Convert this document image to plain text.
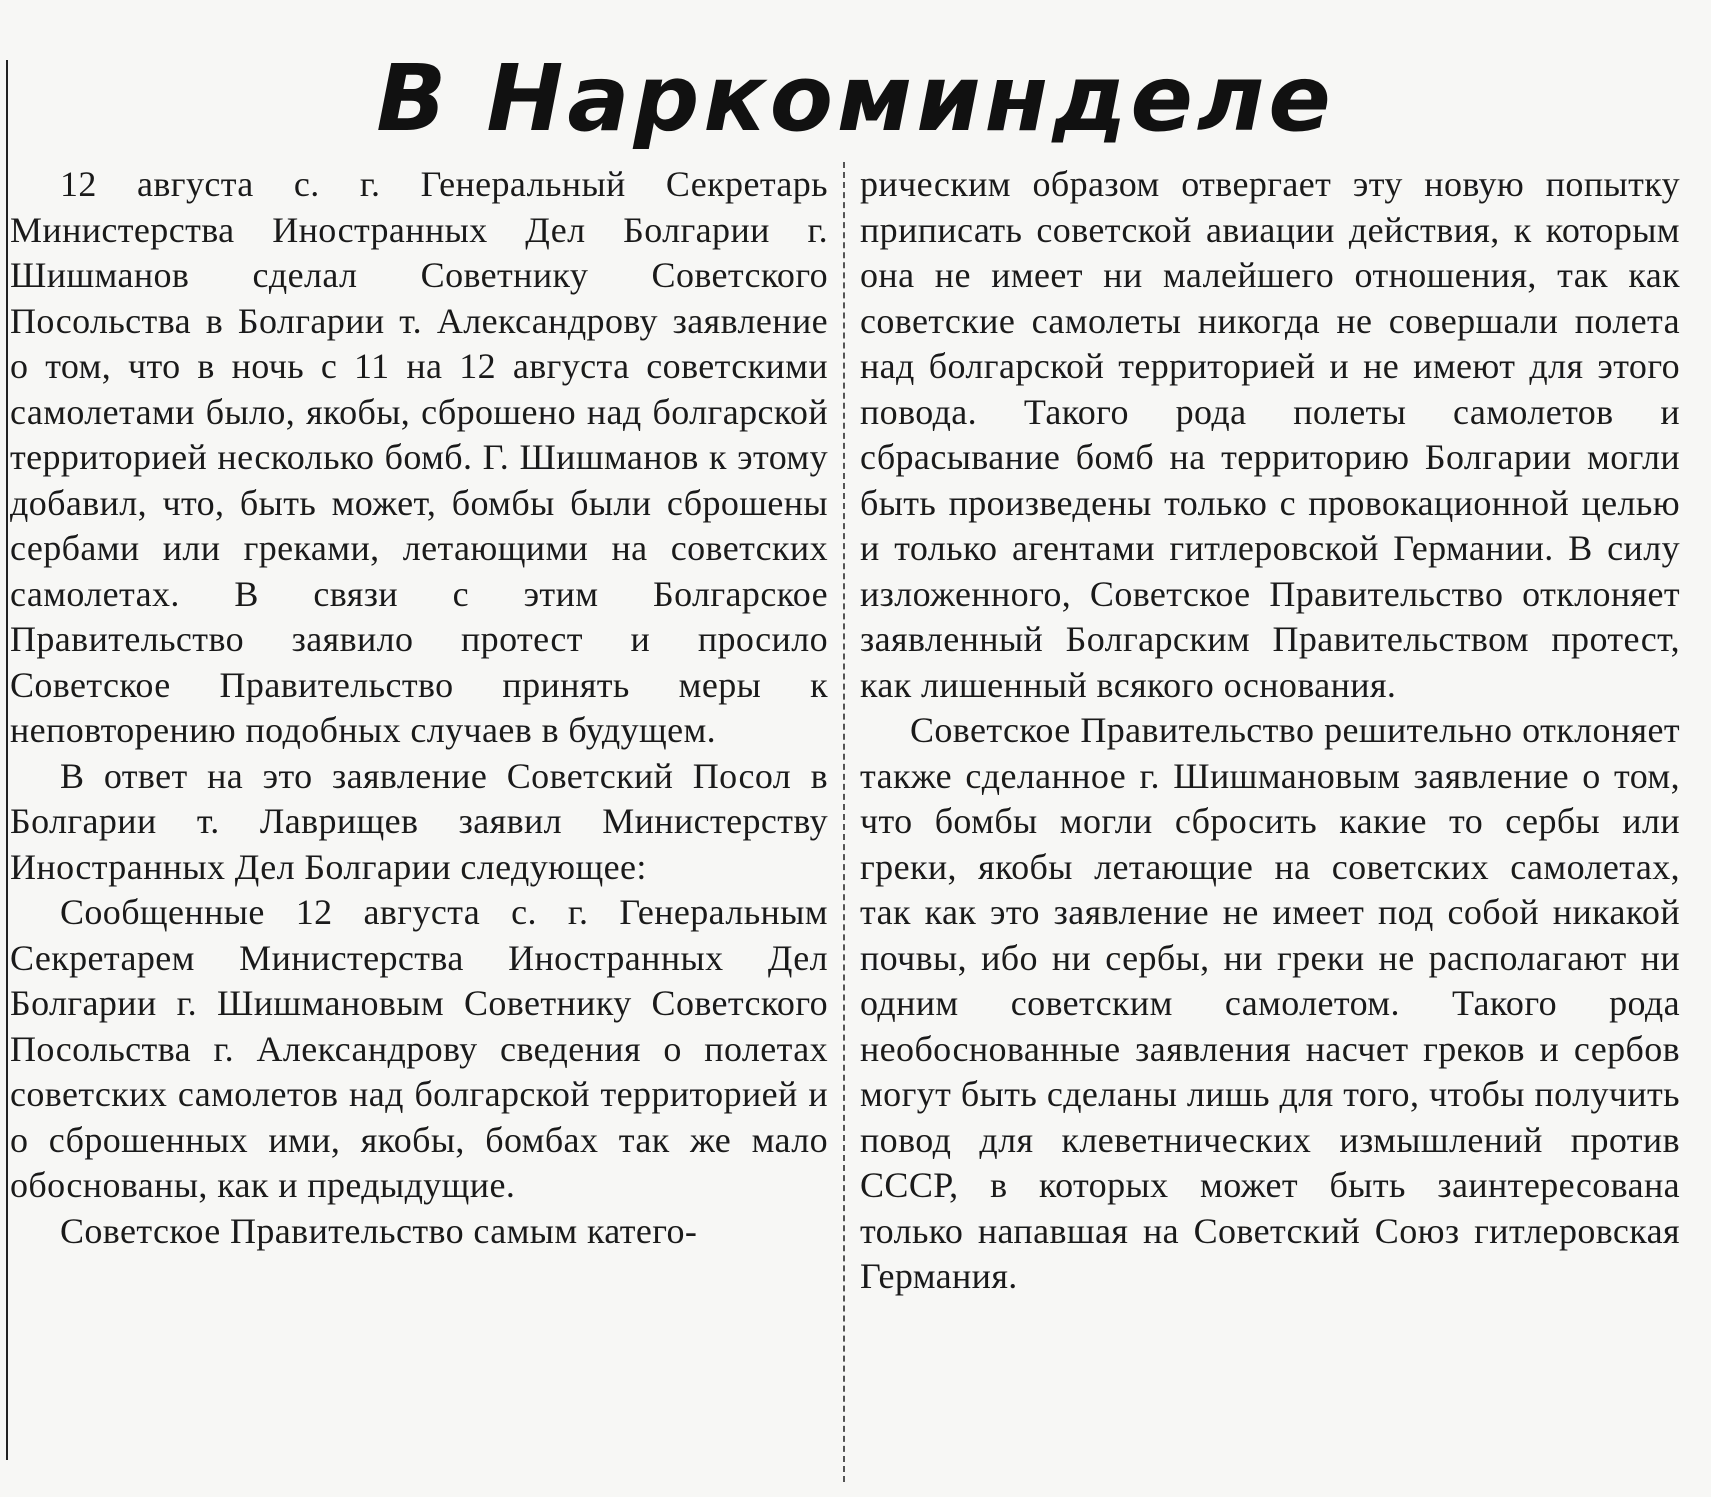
В Наркоминделе

12 августа с. г. Генеральный Секретарь Министерства Иностранных Дел Болгарии г. Шишманов сделал Советнику Советского Посольства в Болгарии т. Александрову заявление о том, что в ночь с 11 на 12 августа советскими самолетами было, якобы, сброшено над болгарской территорией несколько бомб. Г. Шишманов к этому добавил, что, быть может, бомбы были сброшены сербами или греками, летающими на советских самолетах. В связи с этим Болгарское Правительство заявило протест и просило Советское Правительство принять меры к неповторению подобных случаев в будущем.

В ответ на это заявление Советский Посол в Болгарии т. Лаврищев заявил Министерству Иностранных Дел Болгарии следующее:

Сообщенные 12 августа с. г. Генеральным Секретарем Министерства Иностранных Дел Болгарии г. Шишмановым Советнику Советского Посольства г. Александрову сведения о полетах советских самолетов над болгарской территорией и о сброшенных ими, якобы, бомбах так же мало обоснованы, как и предыдущие.

Советское Правительство самым катего-

рическим образом отвергает эту новую попытку приписать советской авиации действия, к которым она не имеет ни малейшего отношения, так как советские самолеты никогда не совершали полета над болгарской территорией и не имеют для этого повода. Такого рода полеты самолетов и сбрасывание бомб на территорию Болгарии могли быть произведены только с провокационной целью и только агентами гитлеровской Германии. В силу изложенного, Советское Правительство отклоняет заявленный Болгарским Правительством протест, как лишенный всякого основания.

Советское Правительство решительно отклоняет также сделанное г. Шишмановым заявление о том, что бомбы могли сбросить какие то сербы или греки, якобы летающие на советских самолетах, так как это заявление не имеет под собой никакой почвы, ибо ни сербы, ни греки не располагают ни одним советским самолетом. Такого рода необоснованные заявления насчет греков и сербов могут быть сделаны лишь для того, чтобы получить повод для клеветнических измышлений против СССР, в которых может быть заинтересована только напавшая на Советский Союз гитлеровская Германия.
